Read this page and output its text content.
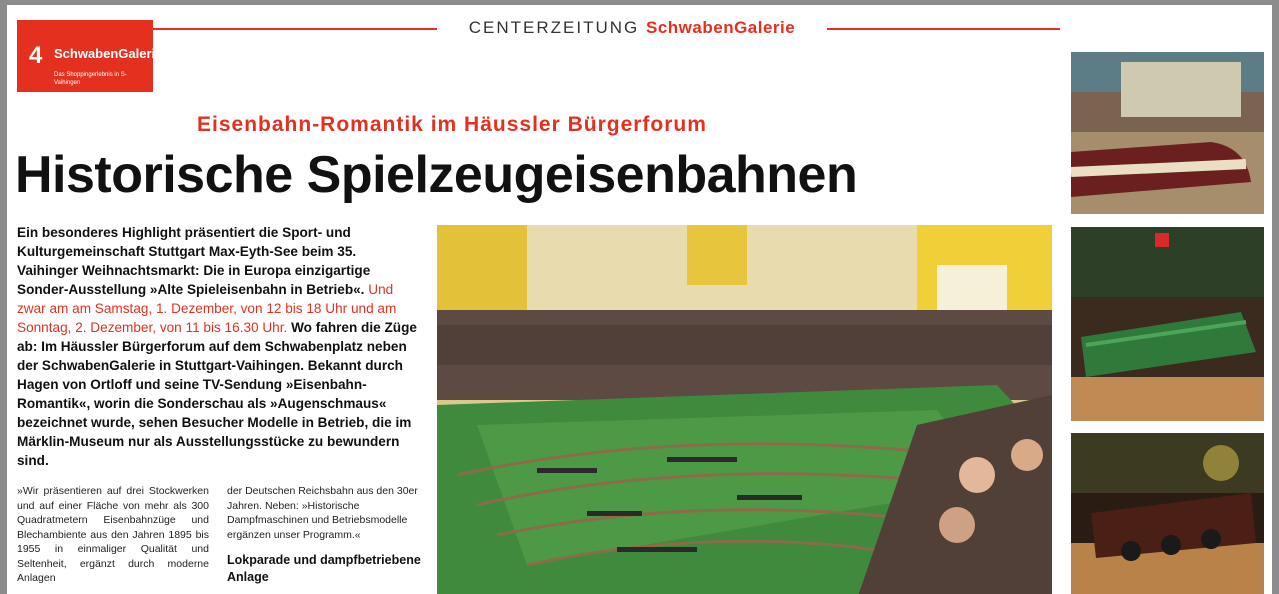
CENTERZEITUNG SchwabenGalerie
4 SchwabenGalerie
Das Shoppingerlebnis in S-Vaihingen
Eisenbahn-Romantik im Häussler Bürgerforum
Historische Spielzeugeisenbahnen
Ein besonderes Highlight präsentiert die Sport- und Kulturgemeinschaft Stuttgart Max-Eyth-See beim 35. Vaihinger Weihnachtsmarkt: Die in Europa einzigartige Sonder-Ausstellung »Alte Spieleisenbahn in Betrieb«. Und zwar am am Samstag, 1. Dezember, von 12 bis 18 Uhr und am Sonntag, 2. Dezember, von 11 bis 16.30 Uhr. Wo fahren die Züge ab: Im Häussler Bürgerforum auf dem Schwabenplatz neben der SchwabenGalerie in Stuttgart-Vaihingen. Bekannt durch Hagen von Ortloff und seine TV-Sendung »Eisenbahn-Romantik«, worin die Sonderschau als »Augenschmaus« bezeichnet wurde, sehen Besucher Modelle in Betrieb, die im Märklin-Museum nur als Ausstellungsstücke zu bewundern sind.
»Wir präsentieren auf drei Stockwerken und auf einer Fläche von mehr als 300 Quadratmetern Eisenbahnzüge und Blechambiente aus den Jahren 1895 bis 1955 in einmaliger Qualität und Seltenheit, ergänzt durch moderne Anlagen
der Deutschen Reichsbahn aus den 30er Jahren. Neben: »Historische Dampfmaschinen und Betriebsmodelle ergänzen unser Programm.«
Lokparade und dampfbetriebene Anlage
